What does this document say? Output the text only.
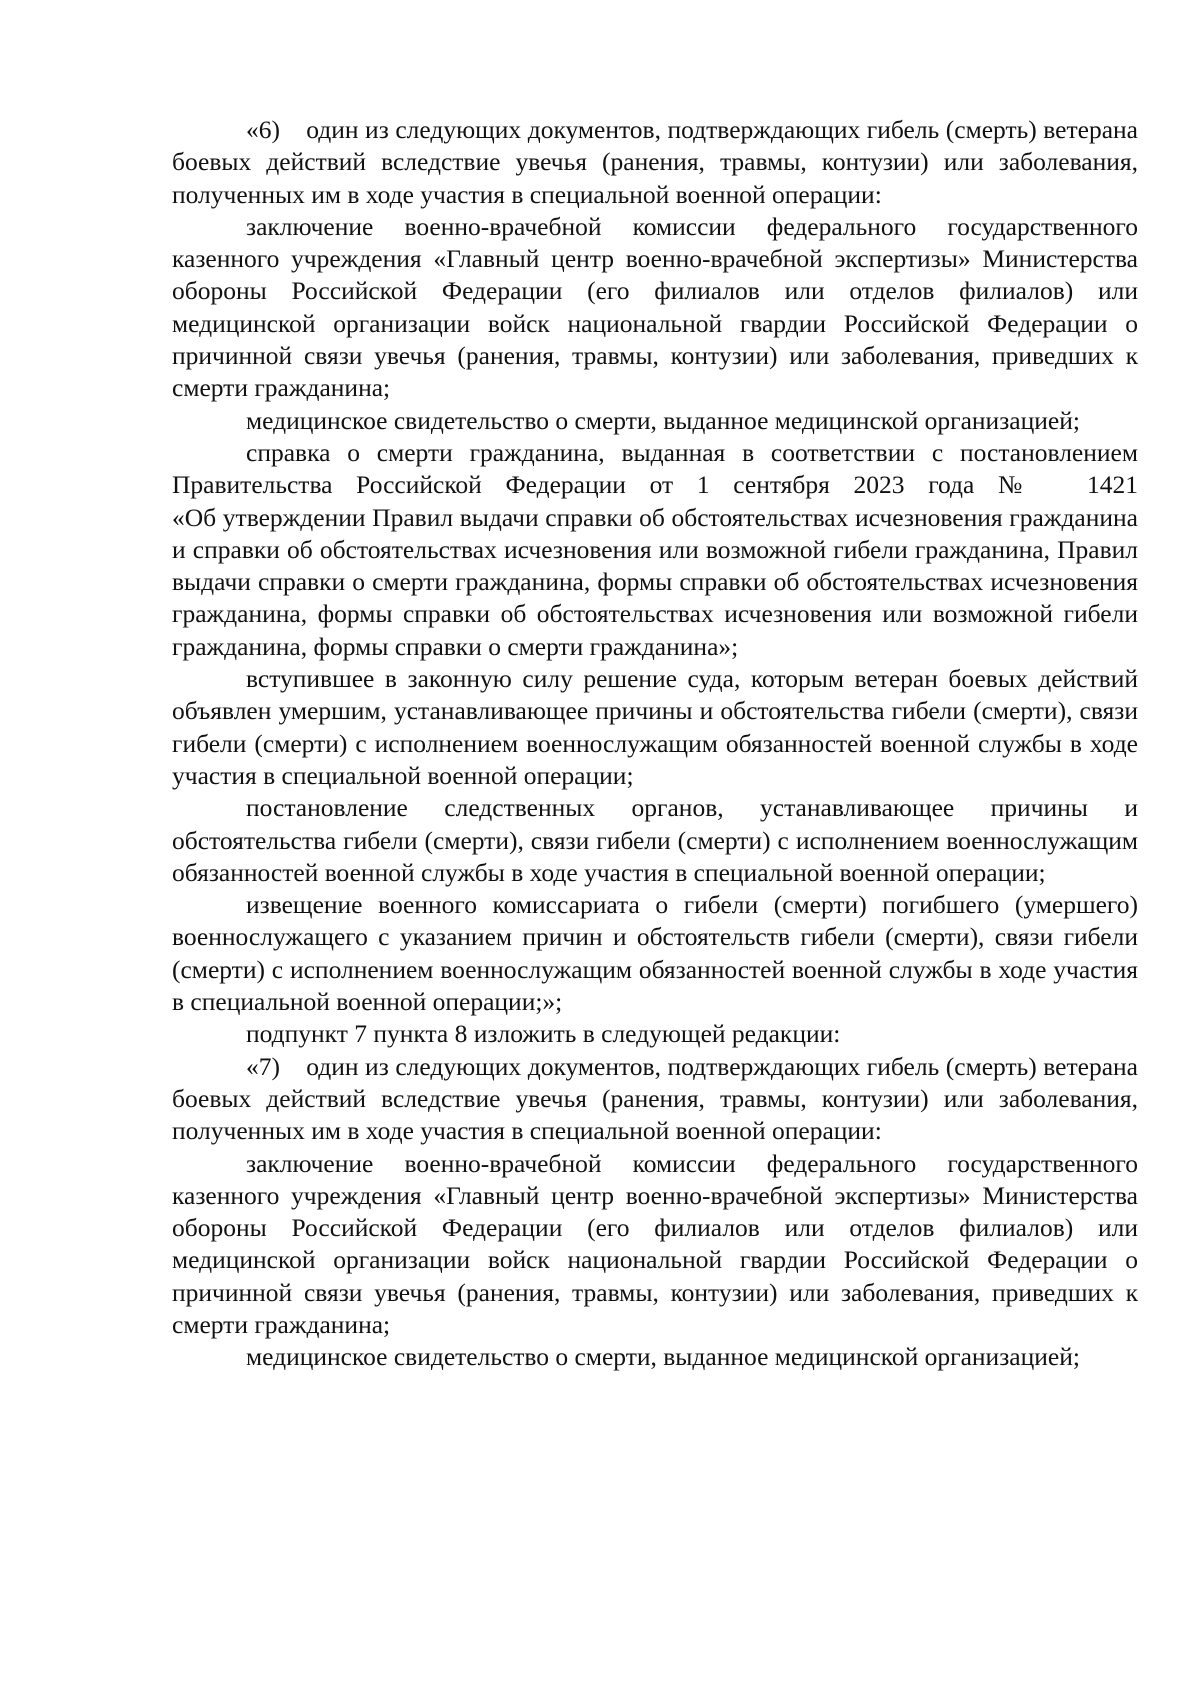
«6)    один из следующих документов, подтверждающих гибель (смерть) ветерана боевых действий вследствие увечья (ранения, травмы, контузии) или заболевания, полученных им в ходе участия в специальной военной операции:

заключение военно-врачебной комиссии федерального государственного казенного учреждения «Главный центр военно-врачебной экспертизы» Министерства обороны Российской Федерации (его филиалов или отделов филиалов) или медицинской организации войск национальной гвардии Российской Федерации о причинной связи увечья (ранения, травмы, контузии) или заболевания, приведших к смерти гражданина;

медицинское свидетельство о смерти, выданное медицинской организацией;

справка о смерти гражданина, выданная в соответствии с постановлением Правительства Российской Федерации от 1 сентября 2023 года №  1421 «Об утверждении Правил выдачи справки об обстоятельствах исчезновения гражданина и справки об обстоятельствах исчезновения или возможной гибели гражданина, Правил выдачи справки о смерти гражданина, формы справки об обстоятельствах исчезновения гражданина, формы справки об обстоятельствах исчезновения или возможной гибели гражданина, формы справки о смерти гражданина»;

вступившее в законную силу решение суда, которым ветеран боевых действий объявлен умершим, устанавливающее причины и обстоятельства гибели (смерти), связи гибели (смерти) с исполнением военнослужащим обязанностей военной службы в ходе участия в специальной военной операции;

постановление следственных органов, устанавливающее причины и обстоятельства гибели (смерти), связи гибели (смерти) с исполнением военнослужащим обязанностей военной службы в ходе участия в специальной военной операции;

извещение военного комиссариата о гибели (смерти) погибшего (умершего) военнослужащего с указанием причин и обстоятельств гибели (смерти), связи гибели (смерти) с исполнением военнослужащим обязанностей военной службы в ходе участия в специальной военной операции;»;

подпункт 7 пункта 8 изложить в следующей редакции:

«7)    один из следующих документов, подтверждающих гибель (смерть) ветерана боевых действий вследствие увечья (ранения, травмы, контузии) или заболевания, полученных им в ходе участия в специальной военной операции:

заключение военно-врачебной комиссии федерального государственного казенного учреждения «Главный центр военно-врачебной экспертизы» Министерства обороны Российской Федерации (его филиалов или отделов филиалов) или медицинской организации войск национальной гвардии Российской Федерации о причинной связи увечья (ранения, травмы, контузии) или заболевания, приведших к смерти гражданина;

медицинское свидетельство о смерти, выданное медицинской организацией;
